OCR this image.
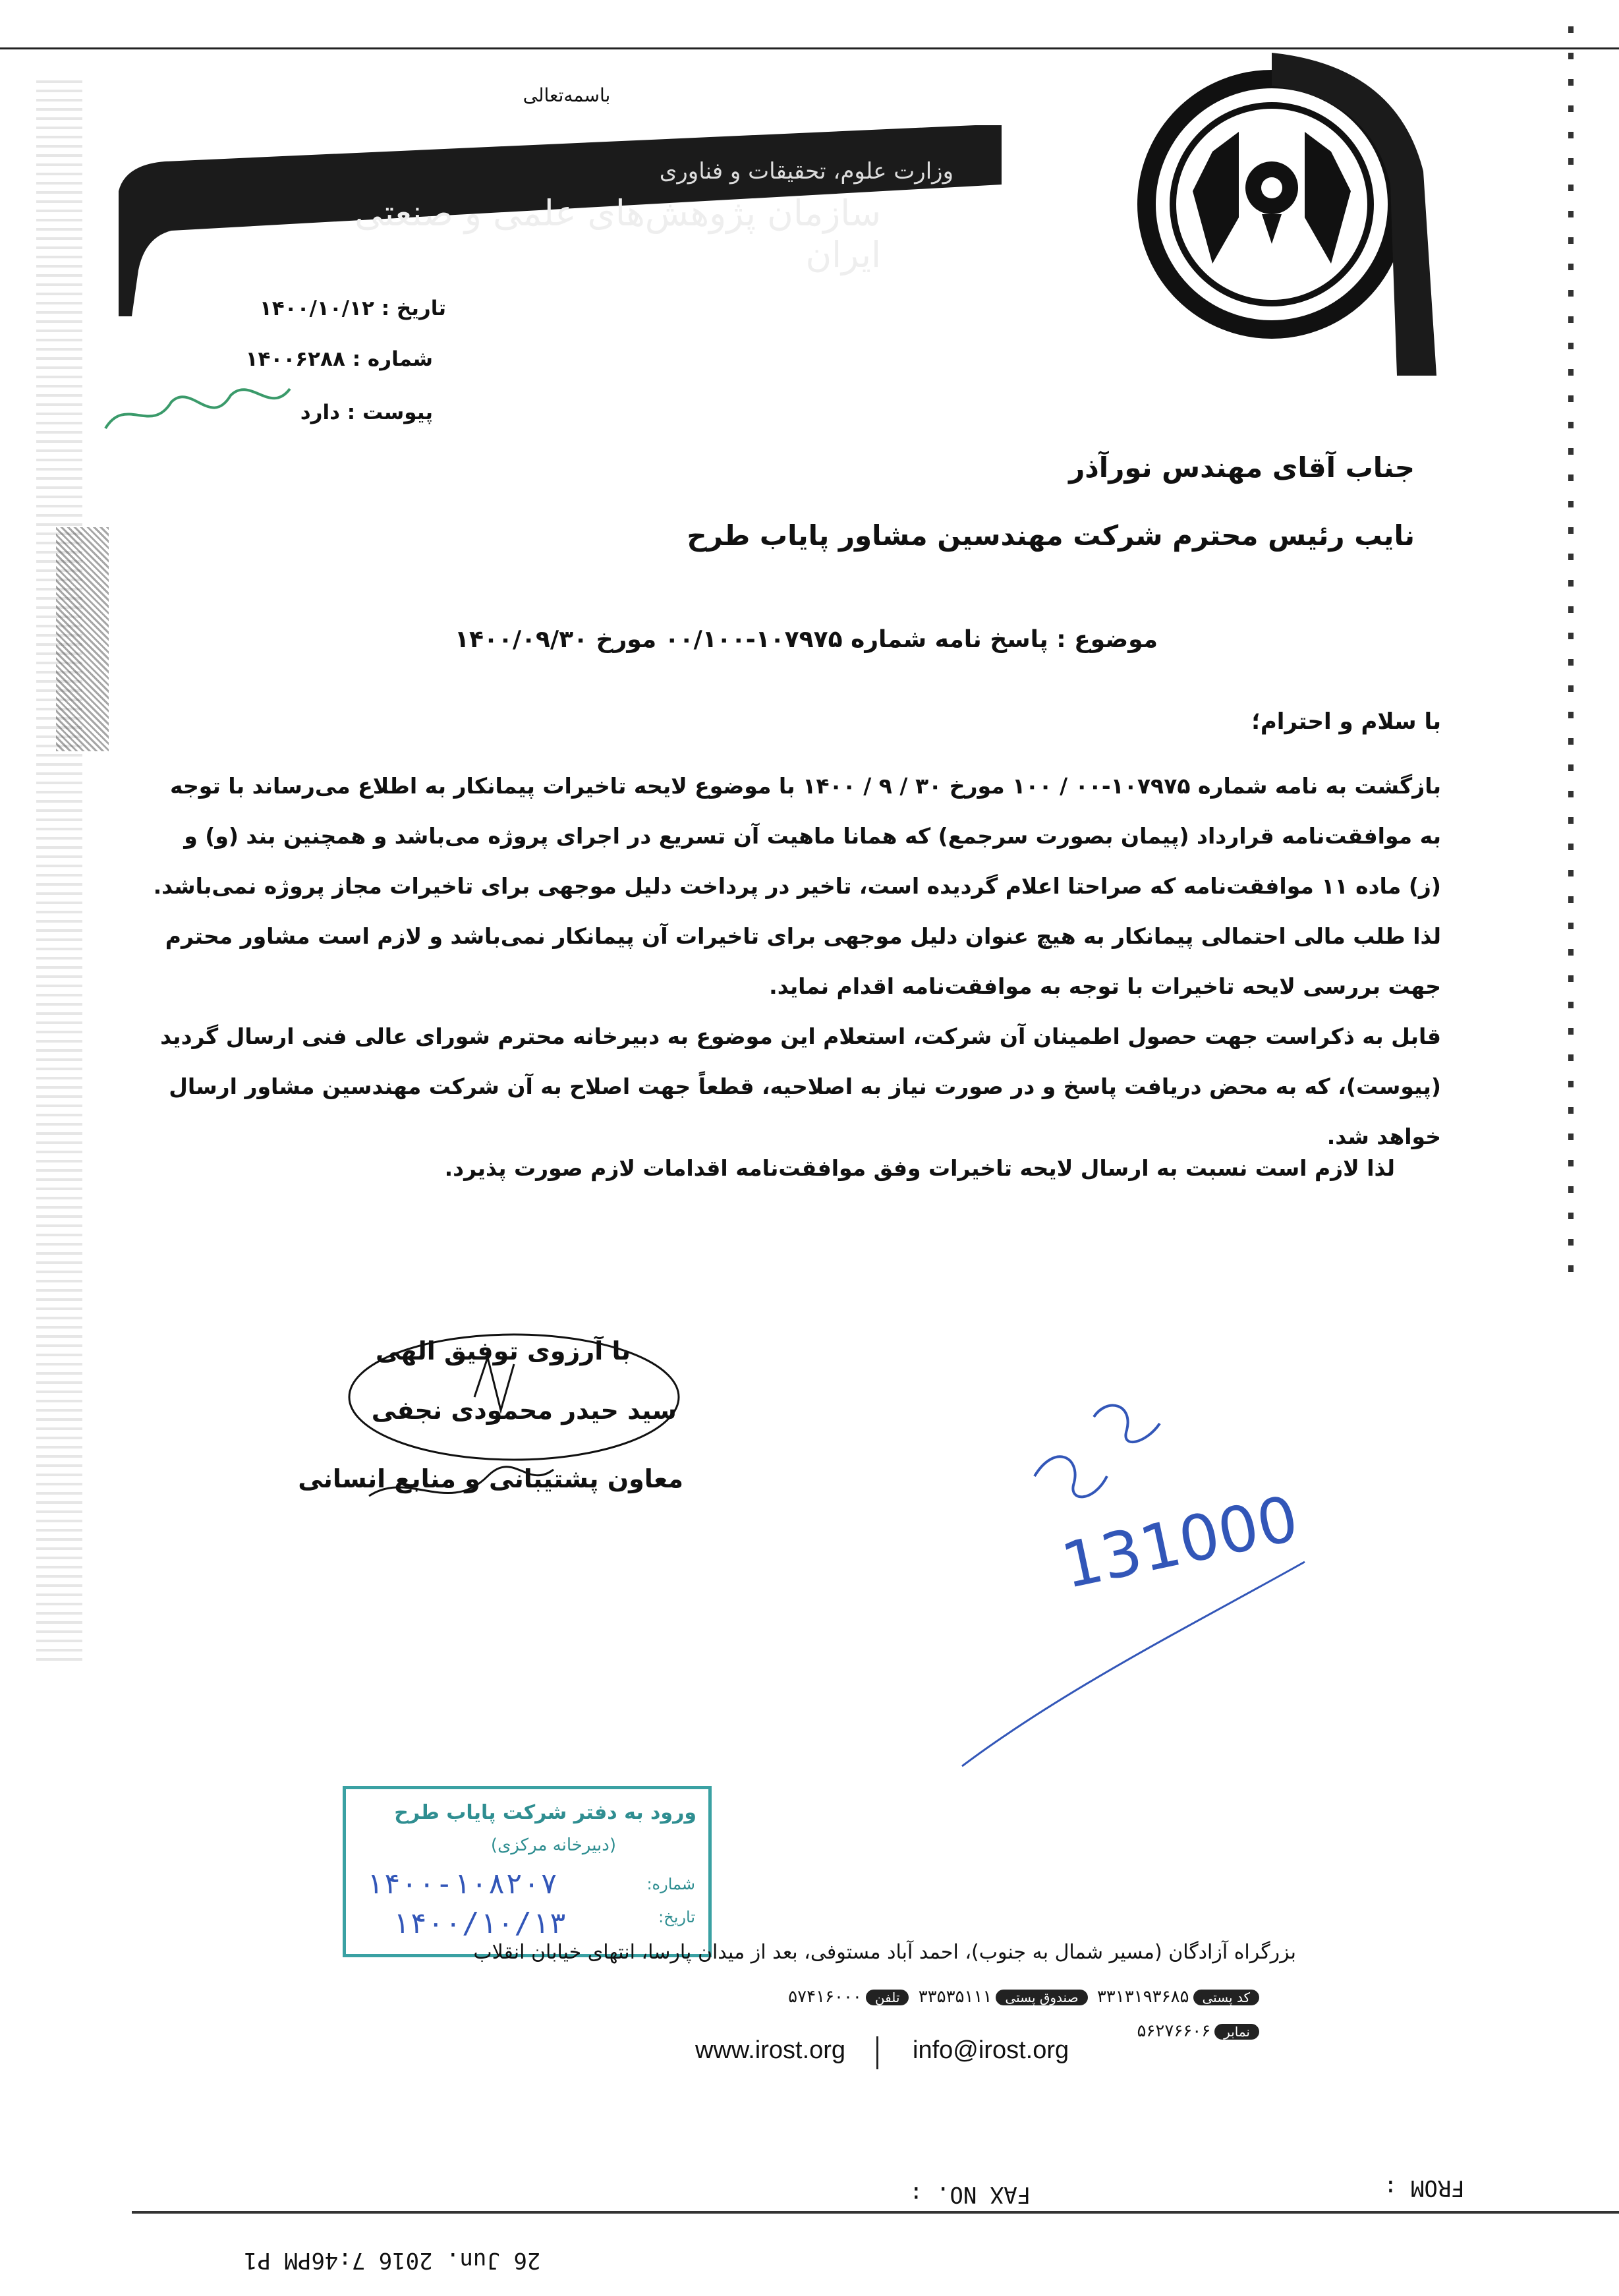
باسمه‌تعالی
وزارت علوم، تحقیقات و فناوری
سازمان پژوهش‌های علمی و صنعتی ایران
تاریخ : ۱۴۰۰/۱۰/۱۲
شماره : ۱۴۰۰۶۲۸۸
پیوست : دارد
جناب آقای مهندس نورآذر
نایب رئیس محترم شرکت مهندسین مشاور پایاب طرح
موضوع : پاسخ نامه شماره ۱۰۷۹۷۵-۰۰/۱۰۰ مورخ ۱۴۰۰/۰۹/۳۰
با سلام و احترام؛
بازگشت به نامه شماره ۱۰۷۹۷۵-۰۰ / ۱۰۰ مورخ ۳۰ / ۹ / ۱۴۰۰ با موضوع لایحه تاخیرات پیمانکار به اطلاع می‌رساند با توجه به موافقت‌نامه قرارداد (پیمان بصورت سرجمع) که همانا ماهیت آن تسریع در اجرای پروژه می‌باشد و همچنین بند (و) و (ز) ماده ۱۱ موافقت‌نامه که صراحتا اعلام گردیده است، تاخیر در پرداخت دلیل موجهی برای تاخیرات مجاز پروژه نمی‌باشد. لذا طلب مالی احتمالی پیمانکار به هیچ عنوان دلیل موجهی برای تاخیرات آن پیمانکار نمی‌باشد و لازم است مشاور محترم جهت بررسی لایحه تاخیرات با توجه به موافقت‌نامه اقدام نماید.
قابل به ذکراست جهت حصول اطمینان آن شرکت، استعلام این موضوع به دبیرخانه محترم شورای عالی فنی ارسال گردید (پیوست)، که به محض دریافت پاسخ و در صورت نیاز به اصلاحیه، قطعاً جهت اصلاح به آن شرکت مهندسین مشاور ارسال خواهد شد.
لذا لازم است نسبت به ارسال لایحه تاخیرات وفق موافقت‌نامه اقدامات لازم صورت پذیرد.
با آرزوی توفیق الهی
سید حیدر محمودی نجفی
معاون پشتیبانی و منابع انسانی
131000
ورود به دفتر شرکت پایاب طرح
(دبیرخانه مرکزی)
شماره:
تاریخ:
۱۴۰۰-۱۰۸۲۰۷
۱۴۰۰/۱۰/۱۳
بزرگراه آزادگان (مسیر شمال به جنوب)، احمد آباد مستوفی، بعد از میدان پارسا، انتهای خیابان انقلاب
کد پستی۳۳۱۳۱۹۳۶۸۵ صندوق پستی۳۳۵۳۵۱۱۱ تلفن۵۷۴۱۶۰۰۰
نمابر۵۶۲۷۶۶۰۶
www.irost.org	info@irost.org
FROM :
FAX NO. :
26 Jun. 2016 7:46PM P1
